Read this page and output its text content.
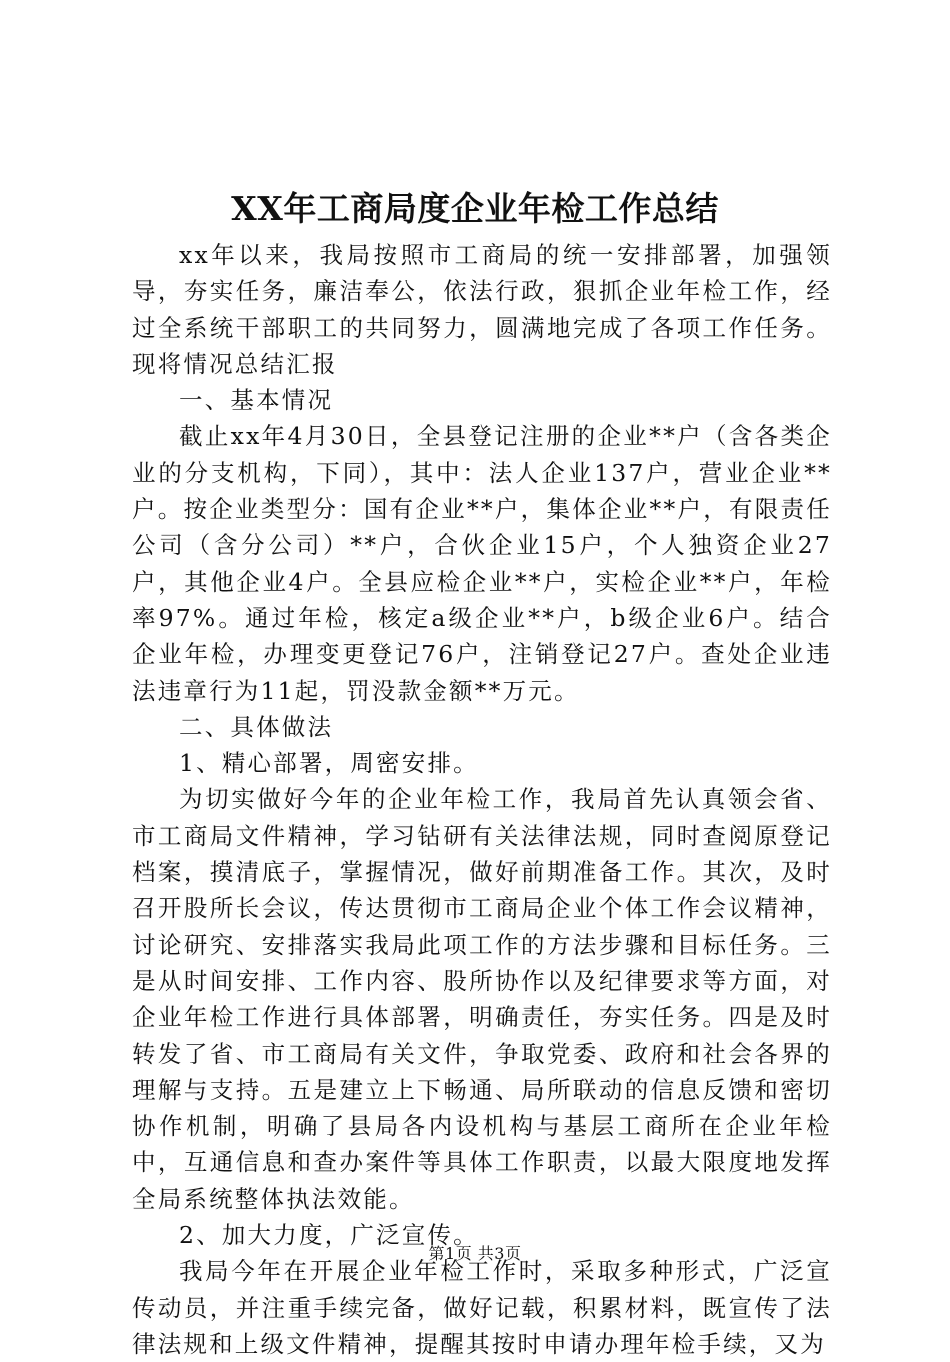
XX年工商局度企业年检工作总结

xx年以来，我局按照市工商局的统一安排部署，加强领导，夯实任务，廉洁奉公，依法行政，狠抓企业年检工作，经过全系统干部职工的共同努力，圆满地完成了各项工作任务。现将情况总结汇报

一、基本情况

截止xx年4月30日，全县登记注册的企业**户（含各类企业的分支机构，下同），其中：法人企业137户，营业企业**户。按企业类型分：国有企业**户，集体企业**户，有限责任公司（含分公司）**户，合伙企业15户，个人独资企业27户，其他企业4户。全县应检企业**户，实检企业**户，年检率97%。通过年检，核定a级企业**户，b级企业6户。结合企业年检，办理变更登记76户，注销登记27户。查处企业违法违章行为11起，罚没款金额**万元。

二、具体做法

1、精心部署，周密安排。

为切实做好今年的企业年检工作，我局首先认真领会省、市工商局文件精神，学习钻研有关法律法规，同时查阅原登记档案，摸清底子，掌握情况，做好前期准备工作。其次，及时召开股所长会议，传达贯彻市工商局企业个体工作会议精神，讨论研究、安排落实我局此项工作的方法步骤和目标任务。三是从时间安排、工作内容、股所协作以及纪律要求等方面，对企业年检工作进行具体部署，明确责任，夯实任务。四是及时转发了省、市工商局有关文件，争取党委、政府和社会各界的理解与支持。五是建立上下畅通、局所联动的信息反馈和密切协作机制，明确了县局各内设机构与基层工商所在企业年检中，互通信息和查办案件等具体工作职责，以最大限度地发挥全局系统整体执法效能。

2、加大力度，广泛宣传。

我局今年在开展企业年检工作时，采取多种形式，广泛宣传动员，并注重手续完备，做好记载，积累材料，既宣传了法律法规和上级文件精神，提醒其按时申请办理年检手续，又为

第1页 共3页
